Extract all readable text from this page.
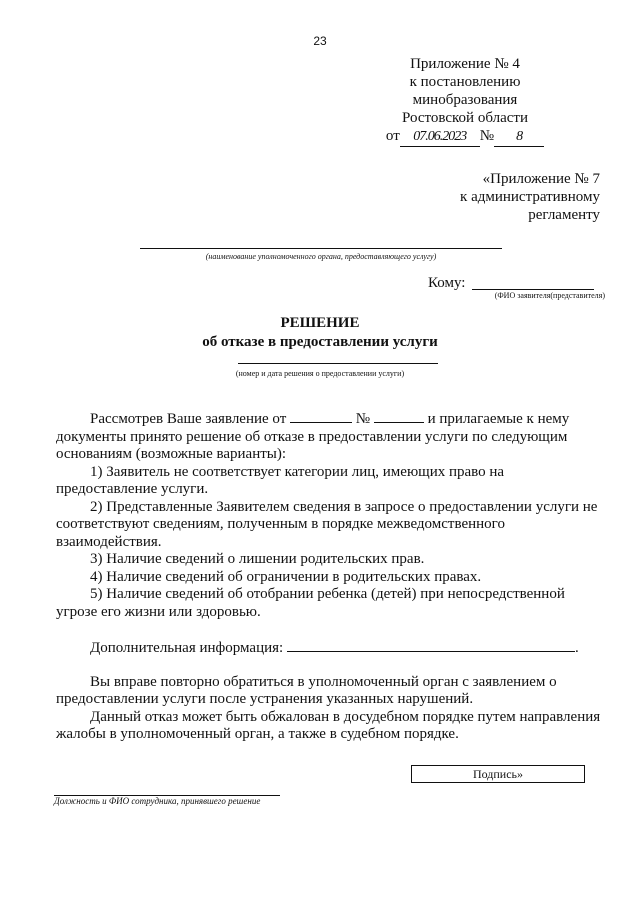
23
Приложение № 4
к постановлению
минобразования
Ростовской области
от 07.06.2023 № 8
«Приложение № 7
к административному
регламенту
(наименование уполномоченного органа, предоставляющего услугу)
Кому:
(ФИО заявителя(представителя)
РЕШЕНИЕ
об отказе в предоставлении услуги
(номер и дата решения о предоставлении услуги)

Рассмотрев Ваше заявление от	№	и прилагаемые к нему документы принято решение об отказе в предоставлении услуги по следующим основаниям (возможные варианты):

1) Заявитель не соответствует категории лиц, имеющих право на предоставление услуги.

2) Представленные Заявителем сведения в запросе о предоставлении услуги не соответствуют сведениям, полученным в порядке межведомственного взаимодействия.

3) Наличие сведений о лишении родительских прав.

4) Наличие сведений об ограничении в родительских правах.

5) Наличие сведений об отобрании ребенка (детей) при непосредственной угрозе его жизни или здоровью.

Дополнительная информация:	.

Вы вправе повторно обратиться в уполномоченный орган с заявлением о предоставлении услуги после устранения указанных нарушений.

Данный отказ может быть обжалован в досудебном порядке путем направления жалобы в уполномоченный орган, а также в судебном порядке.

Подпись»
Должность и ФИО сотрудника, принявшего решение
